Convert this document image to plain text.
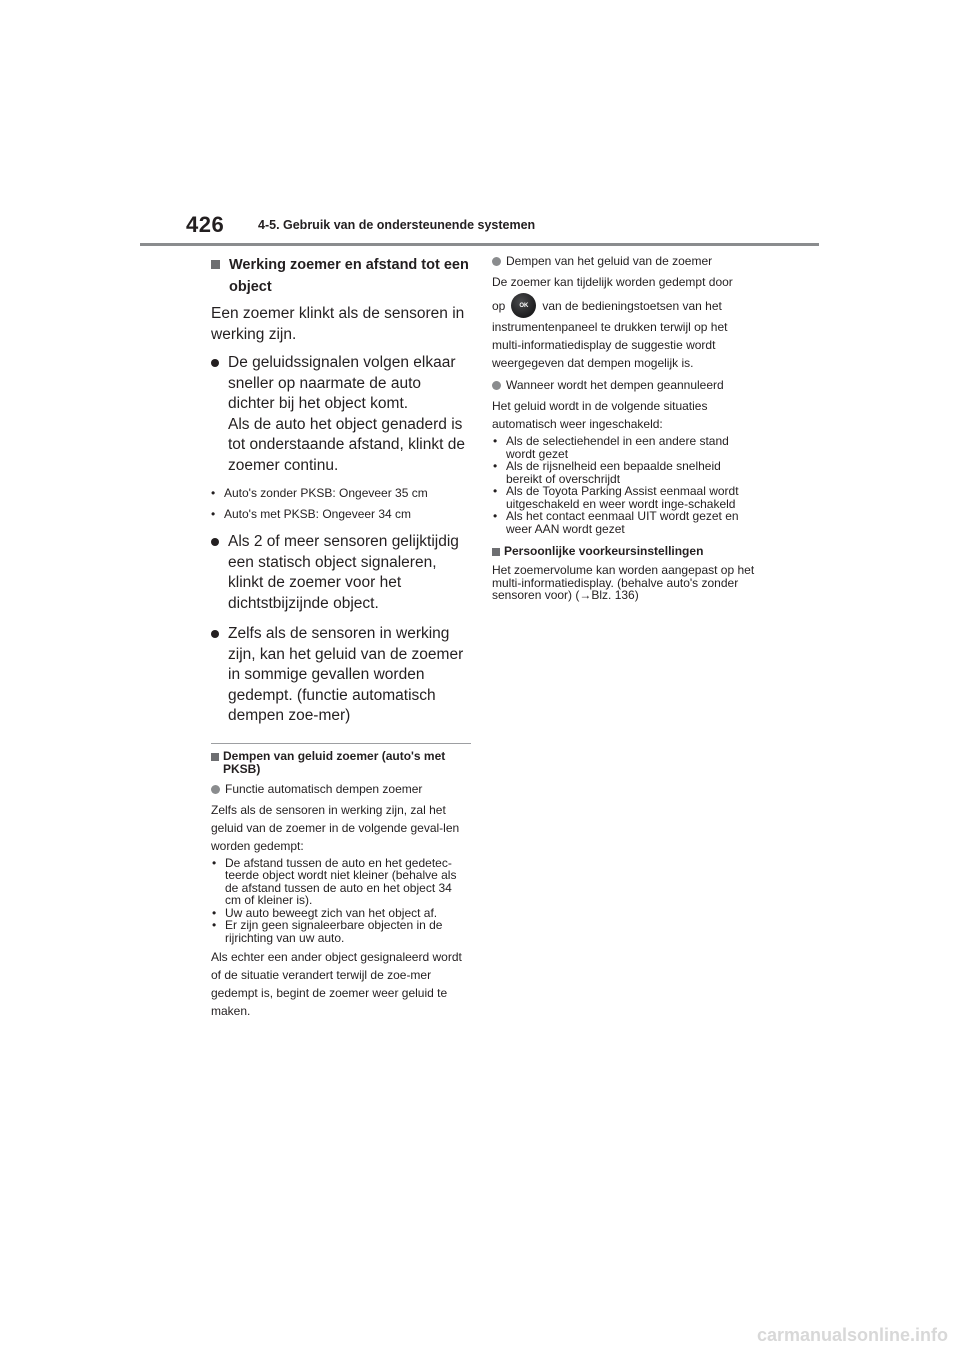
426	4-5. Gebruik van de ondersteunende systemen
Werking zoemer en afstand tot een object

Een zoemer klinkt als de sensoren in werking zijn.

De geluidssignalen volgen elkaar sneller op naarmate de auto dichter bij het object komt.
Als de auto het object genaderd is tot onderstaande afstand, klinkt de zoemer continu.
• Auto's zonder PKSB: Ongeveer 35 cm
• Auto's met PKSB: Ongeveer 34 cm
Als 2 of meer sensoren gelijktijdig een statisch object signaleren, klinkt de zoemer voor het dichtstbijzijnde object.
Zelfs als de sensoren in werking zijn, kan het geluid van de zoemer in sommige gevallen worden gedempt. (functie automatisch dempen zoe-mer)
Dempen van geluid zoemer (auto's met PKSB)
Functie automatisch dempen zoemer

Zelfs als de sensoren in werking zijn, zal het geluid van de zoemer in de volgende geval-len worden gedempt:

• De afstand tussen de auto en het gedetec-teerde object wordt niet kleiner (behalve als de afstand tussen de auto en het object 34 cm of kleiner is).
• Uw auto beweegt zich van het object af.
• Er zijn geen signaleerbare objecten in de rijrichting van uw auto.

Als echter een ander object gesignaleerd wordt of de situatie verandert terwijl de zoe-mer gedempt is, begint de zoemer weer geluid te maken.

Dempen van het geluid van de zoemer

De zoemer kan tijdelijk worden gedempt door

op	OK	van de bedieningstoetsen van het

instrumentenpaneel te drukken terwijl op het multi-informatiedisplay de suggestie wordt weergegeven dat dempen mogelijk is.

Wanneer wordt het dempen geannuleerd

Het geluid wordt in de volgende situaties automatisch weer ingeschakeld:

• Als de selectiehendel in een andere stand wordt gezet
• Als de rijsnelheid een bepaalde snelheid bereikt of overschrijdt
• Als de Toyota Parking Assist eenmaal wordt uitgeschakeld en weer wordt inge-schakeld
• Als het contact eenmaal UIT wordt gezet en weer AAN wordt gezet
Persoonlijke voorkeursinstellingen

Het zoemervolume kan worden aangepast op het multi-informatiedisplay. (behalve auto's zonder sensoren voor) (→Blz. 136)

carmanualsonline.info
